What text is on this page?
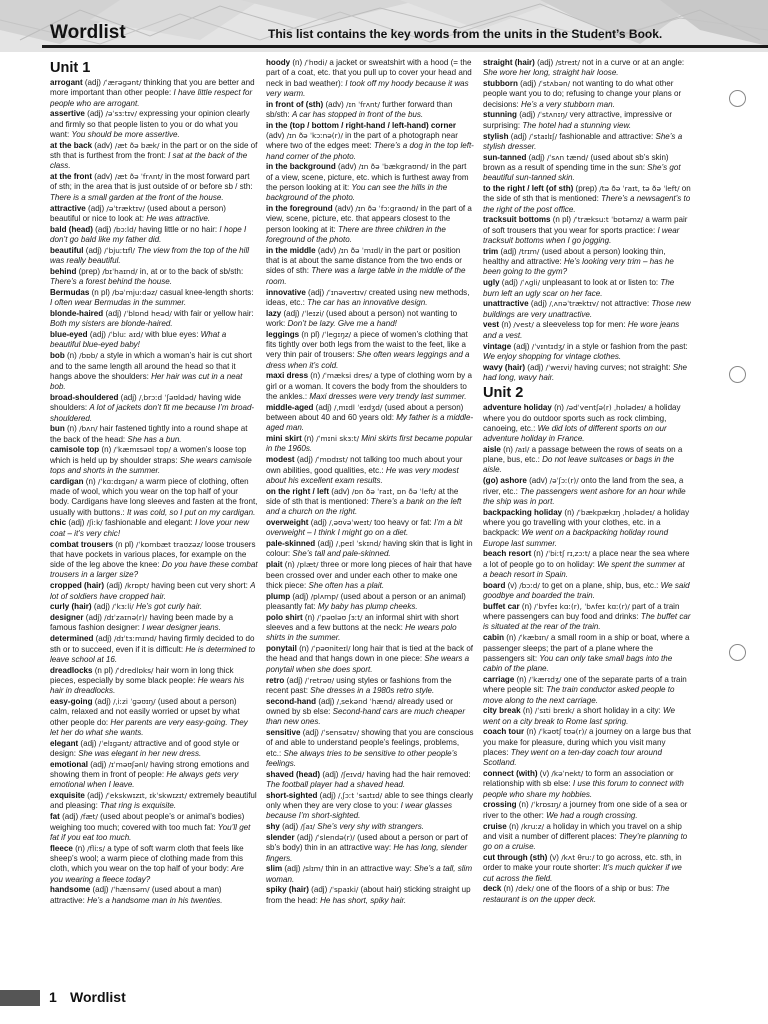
Wordlist	This list contains the key words from the units in the Student’s Book.

Unit 1

arrogant (adj) /ˈærəɡənt/ thinking that you are better and more important than other people: I have little respect for people who are arrogant.

assertive (adj) /əˈsɜːtɪv/ expressing your opinion clearly and firmly so that people listen to you or do what you want: You should be more assertive.

at the back (adv) /æt ðə bæk/ in the part or on the side of sth that is furthest from the front: I sat at the back of the class.

at the front (adv) /æt ðə ˈfrʌnt/ in the most forward part of sth; in the area that is just outside of or before sb / sth: There is a small garden at the front of the house.

attractive (adj) /əˈtræktɪv/ (used about a person) beautiful or nice to look at: He was attractive.

bald (head) (adj) /bɔːld/ having little or no hair: I hope I don’t go bald like my father did.

beautiful (adj) /ˈbjuːtɪfl/ The view from the top of the hill was really beautiful.

behind (prep) /bɪˈhaɪnd/ in, at or to the back of sb/sth: There’s a forest behind the house.

Bermudas (n pl) /bəˈmjuːdəz/ casual knee-length shorts: I often wear Bermudas in the summer.

blonde-haired (adj) /ˈblɒnd heəd/ with fair or yellow hair: Both my sisters are blonde-haired.

blue-eyed (adj) /ˈbluː aɪd/ with blue eyes: What a beautiful blue-eyed baby!

bob (n) /bɒb/ a style in which a woman’s hair is cut short and to the same length all around the head so that it hangs above the shoulders: Her hair was cut in a neat bob.

broad-shouldered (adj) /ˌbrɔːd ˈʃəʊldəd/ having wide shoulders: A lot of jackets don’t fit me because I’m broad-shouldered.

bun (n) /bʌn/ hair fastened tightly into a round shape at the back of the head: She has a bun.

camisole top (n) /ˈkæmɪsəʊl tɒp/ a women’s loose top which is held up by shoulder straps: She wears camisole tops and shorts in the summer.

cardigan (n) /ˈkɑːdɪɡən/ a warm piece of clothing, often made of wool, which you wear on the top half of your body. Cardigans have long sleeves and fasten at the front, usually with buttons.: It was cold, so I put on my cardigan.

chic (adj) /ʃiːk/ fashionable and elegant: I love your new coat – it’s very chic!

combat trousers (n pl) /ˈkɒmbæt traʊzəz/ loose trousers that have pockets in various places, for example on the side of the leg above the knee: Do you have these combat trousers in a larger size?

cropped (hair) (adj) /krɒpt/ having been cut very short: A lot of soldiers have cropped hair.

curly (hair) (adj) /ˈkɜːli/ He’s got curly hair.

designer (adj) /dɪˈzaɪnə(r)/ having been made by a famous fashion designer: I wear designer jeans.

determined (adj) /dɪˈtɜːmɪnd/ having firmly decided to do sth or to succeed, even if it is difficult: He is determined to leave school at 16.

dreadlocks (n pl) /ˈdredlɒks/ hair worn in long thick pieces, especially by some black people: He wears his hair in dreadlocks.

easy-going (adj) /ˌiːzi ˈɡəʊɪŋ/ (used about a person) calm, relaxed and not easily worried or upset by what other people do: Her parents are very easy-going. They let her do what she wants.

elegant (adj) /ˈelɪɡənt/ attractive and of good style or design: She was elegant in her new dress.

emotional (adj) /ɪˈməʊʃənl/ having strong emotions and showing them in front of people: He always gets very emotional when I leave.

exquisite (adj) /ˈekskwɪzɪt, ɪkˈskwɪzɪt/ extremely beautiful and pleasing: That ring is exquisite.

fat (adj) /fæt/ (used about people’s or animal’s bodies) weighing too much; covered with too much fat: You’ll get fat if you eat too much.

fleece (n) /fliːs/ a type of soft warm cloth that feels like sheep’s wool; a warm piece of clothing made from this cloth, which you wear on the top half of your body: Are you wearing a fleece today?

handsome (adj) /ˈhænsəm/ (used about a man) attractive: He’s a handsome man in his twenties.

hoody (n) /ˈhʊdi/ a jacket or sweatshirt with a hood (= the part of a coat, etc. that you pull up to cover your head and neck in bad weather): I took off my hoody because it was very warm.

in front of (sth) (adv) /ɪn ˈfrʌnt/ further forward than sb/sth: A car has stopped in front of the bus.

in the (top / bottom / right-hand / left-hand) corner (adv) /ɪn ðə ˈkɔːnə(r)/ in the part of a photograph near where two of the edges meet: There’s a dog in the top left-hand corner of the photo.

in the background (adv) /ɪn ðə ˈbækɡraʊnd/ in the part of a view, scene, picture, etc. which is furthest away from the person looking at it: You can see the hills in the background of the photo.

in the foreground (adv) /ɪn ðə ˈfɔːɡraʊnd/ in the part of a view, scene, picture, etc. that appears closest to the person looking at it: There are three children in the foreground of the photo.

in the middle (adv) /ɪn ðə ˈmɪdl/ in the part or position that is at about the same distance from the two ends or sides of sth: There was a large table in the middle of the room.

innovative (adj) /ˈɪnəveɪtɪv/ created using new methods, ideas, etc.: The car has an innovative design.

lazy (adj) /ˈleɪzi/ (used about a person) not wanting to work: Don’t be lazy. Give me a hand!

leggings (n pl) /ˈleɡɪŋz/ a piece of women’s clothing that fits tightly over both legs from the waist to the feet, like a very thin pair of trousers: She often wears leggings and a dress when it’s cold.

maxi dress (n) /ˈmæksi dres/ a type of clothing worn by a girl or a woman. It covers the body from the shoulders to the ankles.: Maxi dresses were very trendy last summer.

middle-aged (adj) /ˌmɪdl ˈeɪdʒd/ (used about a person) between about 40 and 60 years old: My father is a middle-aged man.

mini skirt (n) /ˈmɪni skɜːt/ Mini skirts first became popular in the 1960s.

modest (adj) /ˈmɒdɪst/ not talking too much about your own abilities, good qualities, etc.: He was very modest about his excellent exam results.

on the right / left (adv) /ɒn ðə ˈraɪt, ɒn ðə ˈleft/ at the side of sth that is mentioned: There’s a bank on the left and a church on the right.

overweight (adj) /ˌəʊvəˈweɪt/ too heavy or fat: I’m a bit overweight – I think I might go on a diet.

pale-skinned (adj) /ˌpeɪl ˈskɪnd/ having skin that is light in colour: She’s tall and pale-skinned.

plait (n) /plæt/ three or more long pieces of hair that have been crossed over and under each other to make one thick piece: She often has a plait.

plump (adj) /plʌmp/ (used about a person or an animal) pleasantly fat: My baby has plump cheeks.

polo shirt (n) /ˈpəʊləʊ ʃɜːt/ an informal shirt with short sleeves and a few buttons at the neck: He wears polo shirts in the summer.

ponytail (n) /ˈpəʊniteɪl/ long hair that is tied at the back of the head and that hangs down in one piece: She wears a ponytail when she does sport.

retro (adj) /ˈretrəʊ/ using styles or fashions from the recent past: She dresses in a 1980s retro style.

second-hand (adj) /ˌsekənd ˈhænd/ already used or owned by sb else: Second-hand cars are much cheaper than new ones.

sensitive (adj) /ˈsensətɪv/ showing that you are conscious of and able to understand people’s feelings, problems, etc.: She always tries to be sensitive to other people’s feelings.

shaved (head) (adj) /ʃeɪvd/ having had the hair removed: The football player had a shaved head.

short-sighted (adj) /ˌʃɔːt ˈsaɪtɪd/ able to see things clearly only when they are very close to you: I wear glasses because I’m short-sighted.

shy (adj) /ʃaɪ/ She’s very shy with strangers.

slender (adj) /ˈslendə(r)/ (used about a person or part of sb’s body) thin in an attractive way: He has long, slender fingers.

slim (adj) /slɪm/ thin in an attractive way: She’s a tall, slim woman.

spiky (hair) (adj) /ˈspaɪki/ (about hair) sticking straight up from the head: He has short, spiky hair.

straight (hair) (adj) /streɪt/ not in a curve or at an angle: She wore her long, straight hair loose.

stubborn (adj) /ˈstʌbən/ not wanting to do what other people want you to do; refusing to change your plans or decisions: He’s a very stubborn man.

stunning (adj) /ˈstʌnɪŋ/ very attractive, impressive or surprising: The hotel had a stunning view.

stylish (adj) /ˈstaɪlɪʃ/ fashionable and attractive: She’s a stylish dresser.

sun-tanned (adj) /ˈsʌn tænd/ (used about sb’s skin) brown as a result of spending time in the sun: She’s got beautiful sun-tanned skin.

to the right / left (of sth) (prep) /tə ðə ˈraɪt, tə ðə ˈleft/ on the side of sth that is mentioned: There’s a newsagent’s to the right of the post office.

tracksuit bottoms (n pl) /ˈtræksuːt ˈbɒtəmz/ a warm pair of soft trousers that you wear for sports practice: I wear tracksuit bottoms when I go jogging.

trim (adj) /trɪm/ (used about a person) looking thin, healthy and attractive: He’s looking very trim – has he been going to the gym?

ugly (adj) /ˈʌɡli/ unpleasant to look at or listen to: The burn left an ugly scar on her face.

unattractive (adj) /ˌʌnəˈtræktɪv/ not attractive: Those new buildings are very unattractive.

vest (n) /vest/ a sleeveless top for men: He wore jeans and a vest.

vintage (adj) /ˈvɪntɪdʒ/ in a style or fashion from the past: We enjoy shopping for vintage clothes.

wavy (hair) (adj) /ˈweɪvi/ having curves; not straight: She had long, wavy hair.

Unit 2

adventure holiday (n) /ədˈventʃə(r) ˌhɒlədeɪ/ a holiday where you do outdoor sports such as rock climbing, canoeing, etc.: We did lots of different sports on our adventure holiday in France.

aisle (n) /aɪl/ a passage between the rows of seats on a plane, bus, etc.: Do not leave suitcases or bags in the aisle.

(go) ashore (adv) /əˈʃɔː(r)/ onto the land from the sea, a river, etc.: The passengers went ashore for an hour while the ship was in port.

backpacking holiday (n) /ˈbækpækɪŋ ˌhɒlədeɪ/ a holiday where you go travelling with your clothes, etc. in a backpack: We went on a backpacking holiday round Europe last summer.

beach resort (n) /ˈbiːtʃ rɪˌzɔːt/ a place near the sea where a lot of people go to on holiday: We spent the summer at a beach resort in Spain.

board (v) /bɔːd/ to get on a plane, ship, bus, etc.: We said goodbye and boarded the train.

buffet car (n) /ˈbʏfeɪ kɑː(r), ˈbʌfeɪ kɑː(r)/ part of a train where passengers can buy food and drinks: The buffet car is situated at the rear of the train.

cabin (n) /ˈkæbɪn/ a small room in a ship or boat, where a passenger sleeps; the part of a plane where the passengers sit: You can only take small bags into the cabin of the plane.

carriage (n) /ˈkærɪdʒ/ one of the separate parts of a train where people sit: The train conductor asked people to move along to the next carriage.

city break (n) /ˈsɪti breɪk/ a short holiday in a city: We went on a city break to Rome last spring.

coach tour (n) /ˈkəʊtʃ tʊə(r)/ a journey on a large bus that you make for pleasure, during which you visit many places: They went on a ten-day coach tour around Scotland.

connect (with) (v) /kəˈnekt/ to form an association or relationship with sb else: I use this forum to connect with people who share my hobbies.

crossing (n) /ˈkrɒsɪŋ/ a journey from one side of a sea or river to the other: We had a rough crossing.

cruise (n) /kruːz/ a holiday in which you travel on a ship and visit a number of different places: They’re planning to go on a cruise.

cut through (sth) (v) /kʌt θruː/ to go across, etc. sth, in order to make your route shorter: It’s much quicker if we cut across the field.

deck (n) /dek/ one of the floors of a ship or bus: The restaurant is on the upper deck.

1 Wordlist
